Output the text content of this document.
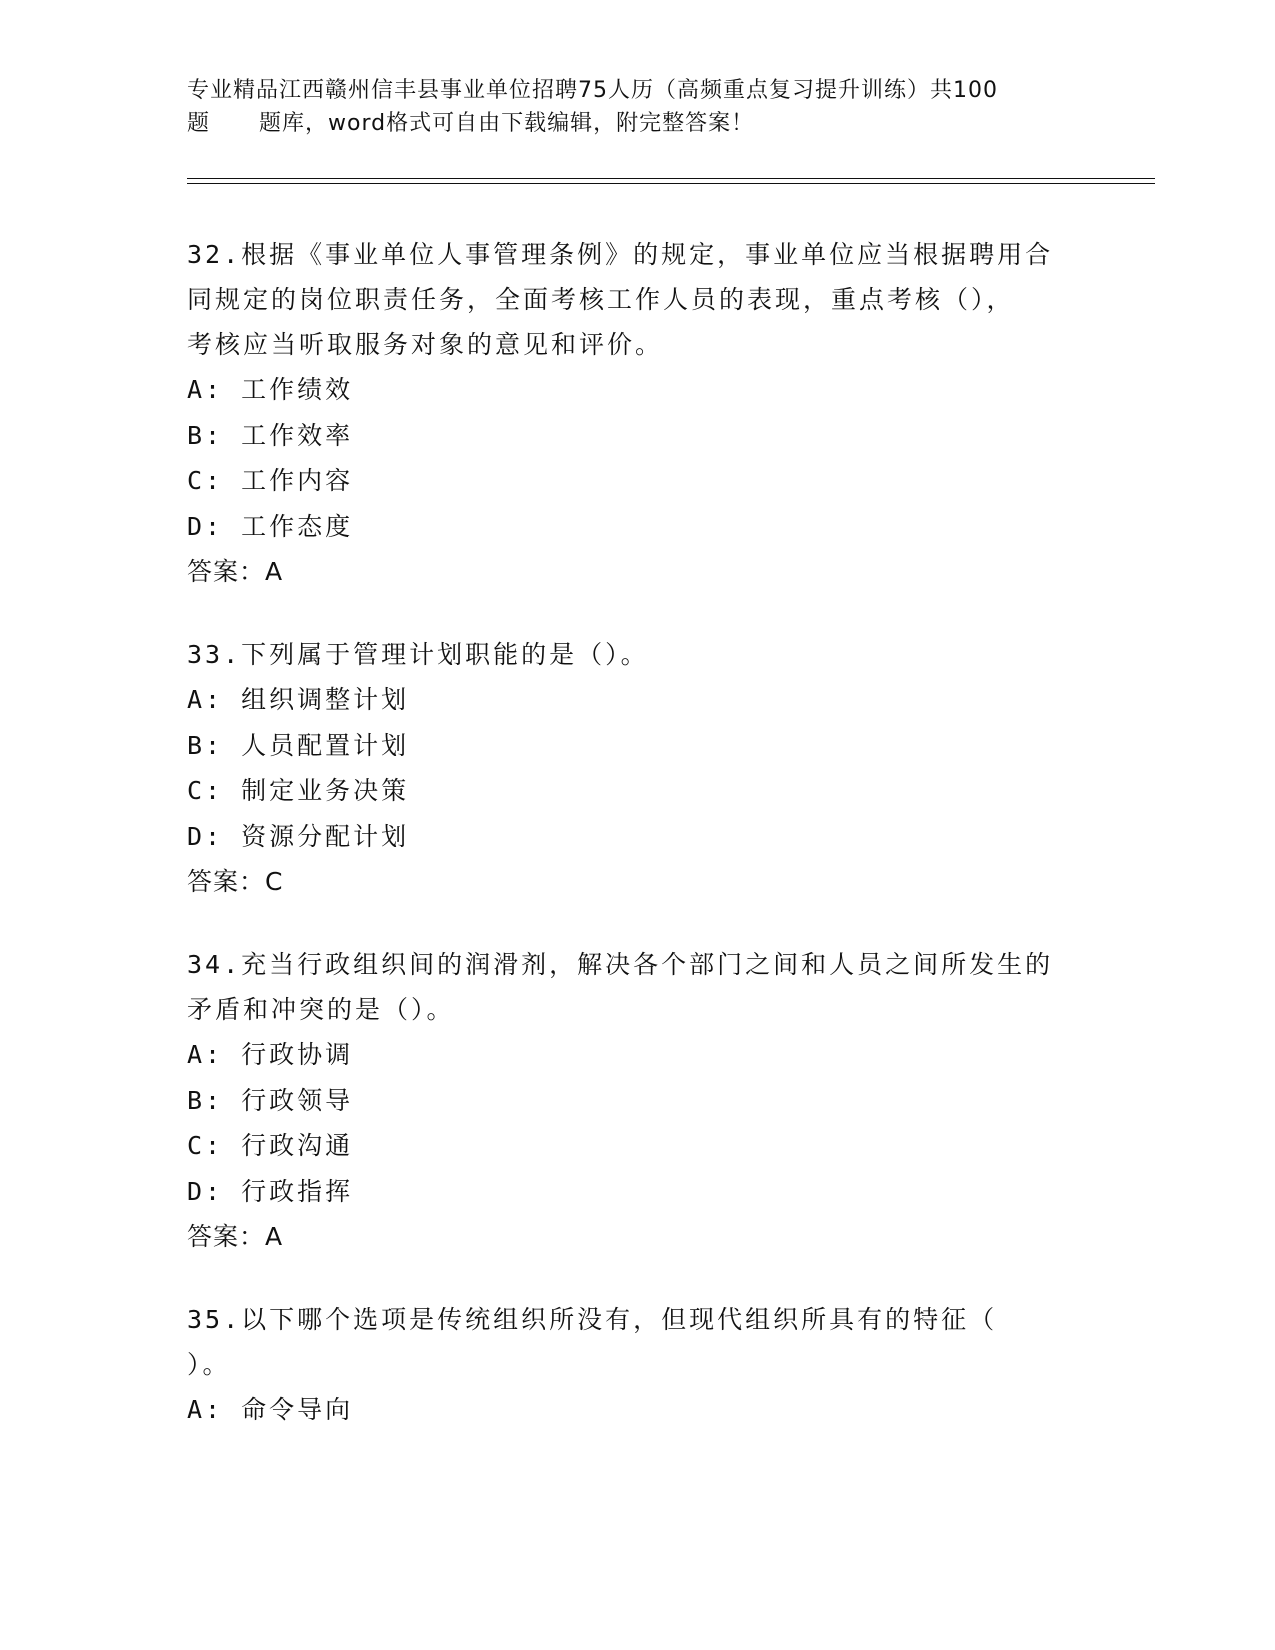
专业精品江西赣州信丰县事业单位招聘75人历（高频重点复习提升训练）共100
题	题库，word格式可自由下载编辑，附完整答案！

32.根据《事业单位人事管理条例》的规定，事业单位应当根据聘用合
同规定的岗位职责任务，全面考核工作人员的表现，重点考核（），
考核应当听取服务对象的意见和评价。

A: 工作绩效

B: 工作效率

C: 工作内容

D: 工作态度

答案：A

33.下列属于管理计划职能的是（）。

A: 组织调整计划

B: 人员配置计划

C: 制定业务决策

D: 资源分配计划

答案：C

34.充当行政组织间的润滑剂，解决各个部门之间和人员之间所发生的
矛盾和冲突的是（）。

A: 行政协调

B: 行政领导

C: 行政沟通

D: 行政指挥

答案：A

35.以下哪个选项是传统组织所没有，但现代组织所具有的特征（
）。

A: 命令导向
